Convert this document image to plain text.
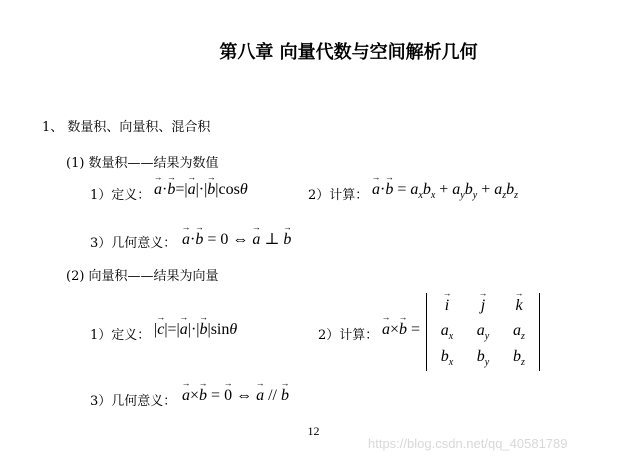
第八章 向量代数与空间解析几何
1、 数量积、向量积、混合积
(1) 数量积——结果为数值
1）定义： → a·→ b=|→ a|·|→ b|cosθ	2）计算： → $a\cdot\to b = a_xb_x + a_yb_y + a_zb_z$
3）几何意义： → a·→ b = 0 ⇔ → a ⊥ → b
(2) 向量积——结果为向量
1）定义： |→ c|=|→ a|·|→ b|sinθ	2）计算： → a×→ b =
→ i → j → k
$a_x$ $a_y$ $a_z$
$b_x$ $b_y$ $b_z$
3）几何意义： → a×→ b = → 0 ⇔ → a // → b
12
https://blog.csdn.net/qq_40581789
